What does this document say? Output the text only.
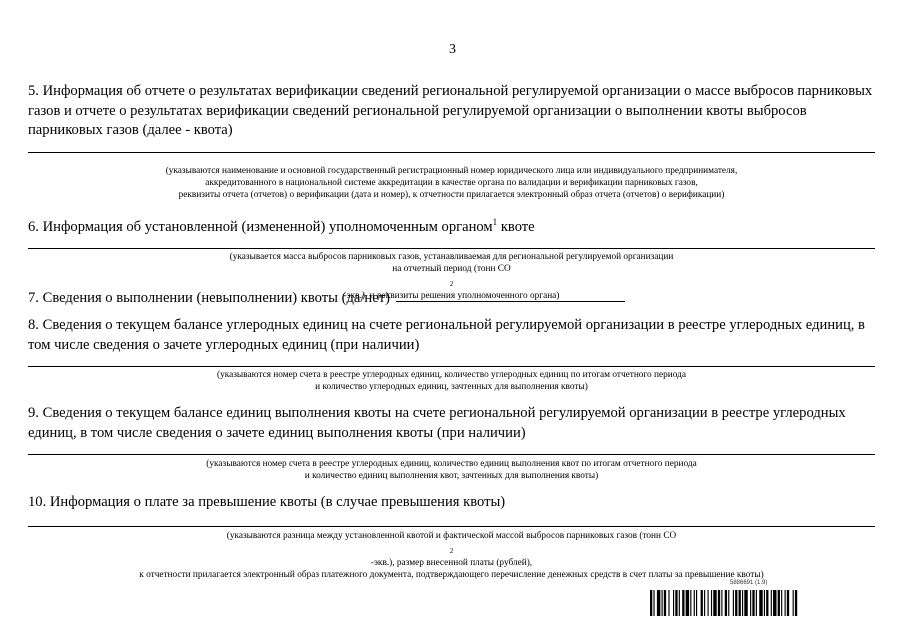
3
5. Информация об отчете о результатах верификации сведений региональной регулируемой организации о массе выбросов парниковых газов и отчете о результатах верификации сведений региональной регулируемой организации о выполнении квоты выбросов парниковых газов (далее - квота)
(указываются наименование и основной государственный регистрационный номер юридического лица или индивидуального предпринимателя,
аккредитованного в национальной системе аккредитации в качестве органа по валидации и верификации парниковых газов,
реквизиты отчета (отчетов) о верификации (дата и номер), к отчетности прилагается электронный образ отчета (отчетов) о верификации)
6. Информация об установленной (измененной) уполномоченным органом$^1$ квоте
(указывается масса выбросов парниковых газов, устанавливаемая для региональной регулируемой организации
на отчетный период (тонн CO
$_2$
-экв.), и реквизиты решения уполномоченного органа)
7. Сведения о выполнении (невыполнении) квоты (да/нет)
8. Сведения о текущем балансе углеродных единиц на счете региональной регулируемой организации в реестре углеродных единиц, в том числе сведения о зачете углеродных единиц (при наличии)
(указываются номер счета в реестре углеродных единиц, количество углеродных единиц по итогам отчетного периода
и количество углеродных единиц, зачтенных для выполнения квоты)
9. Сведения о текущем балансе единиц выполнения квоты на счете региональной регулируемой организации в реестре углеродных единиц, в том числе сведения о зачете единиц выполнения квоты (при наличии)
(указываются номер счета в реестре углеродных единиц, количество единиц выполнения квот по итогам отчетного периода
и количество единиц выполнения квот, зачтенных для выполнения квоты)
10. Информация о плате за превышение квоты (в случае превышения квоты)
(указываются разница между установленной квотой и фактической массой выбросов парниковых газов (тонн CO
$_2$
-экв.), размер внесенной платы (рублей),
к отчетности прилагается электронный образ платежного документа, подтверждающего перечисление денежных средств в счет платы за превышение квоты)
5886691 (1.9)
